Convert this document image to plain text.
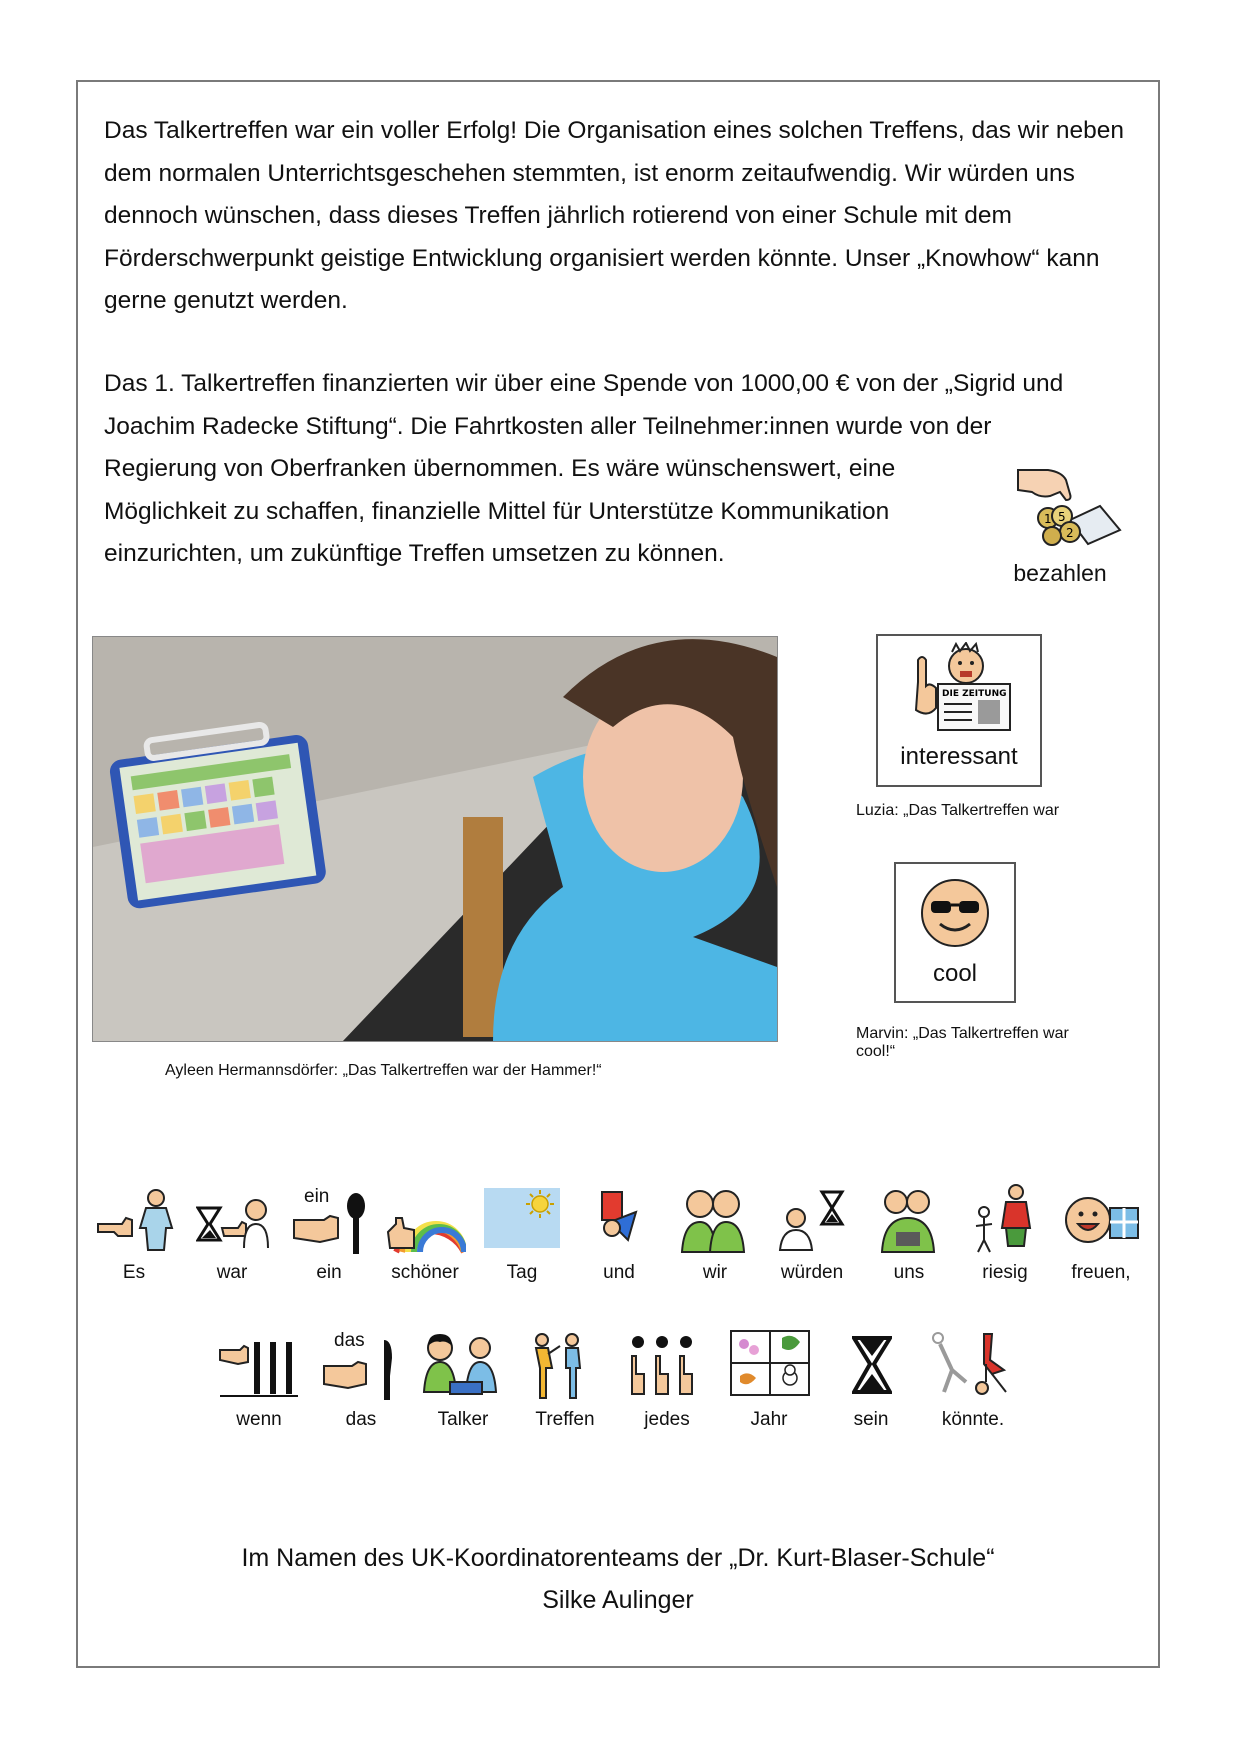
Das Talkertreffen war ein voller Erfolg! Die Organisation eines solchen Treffens, das wir neben dem normalen Unterrichtsgeschehen stemmten, ist enorm zeitaufwendig. Wir würden uns dennoch wünschen, dass dieses Treffen jährlich rotierend von einer Schule mit dem Förderschwerpunkt geistige Entwicklung organisiert werden könnte. Unser „Knowhow“ kann gerne genutzt werden.

Das 1. Talkertreffen finanzierten wir über eine Spende von 1000,00 € von der „Sigrid und Joachim Radecke Stiftung“. Die Fahrtkosten aller Teilnehmer:innen wurde von der

Regierung von Oberfranken übernommen. Es wäre wünschenswert, eine Möglichkeit zu schaffen, finanzielle Mittel für Unterstütze Kommunikation einzurichten, um zukünftige Treffen umsetzen zu können.

1 5
2
bezahlen
Ayleen Hermannsdörfer: „Das Talkertreffen war der Hammer!“
DIE ZEITUNG
interessant
Luzia: „Das Talkertreffen war
cool
Marvin: „Das Talkertreffen war cool!“
ein
Es	war	ein	schöner	Tag	und	wir	würden	uns	riesig	freuen,
das
wenn	das	Talker	Treffen	jedes	Jahr	sein	könnte.
Im Namen des UK-Koordinatorenteams der „Dr. Kurt-Blaser-Schule“
Silke Aulinger
